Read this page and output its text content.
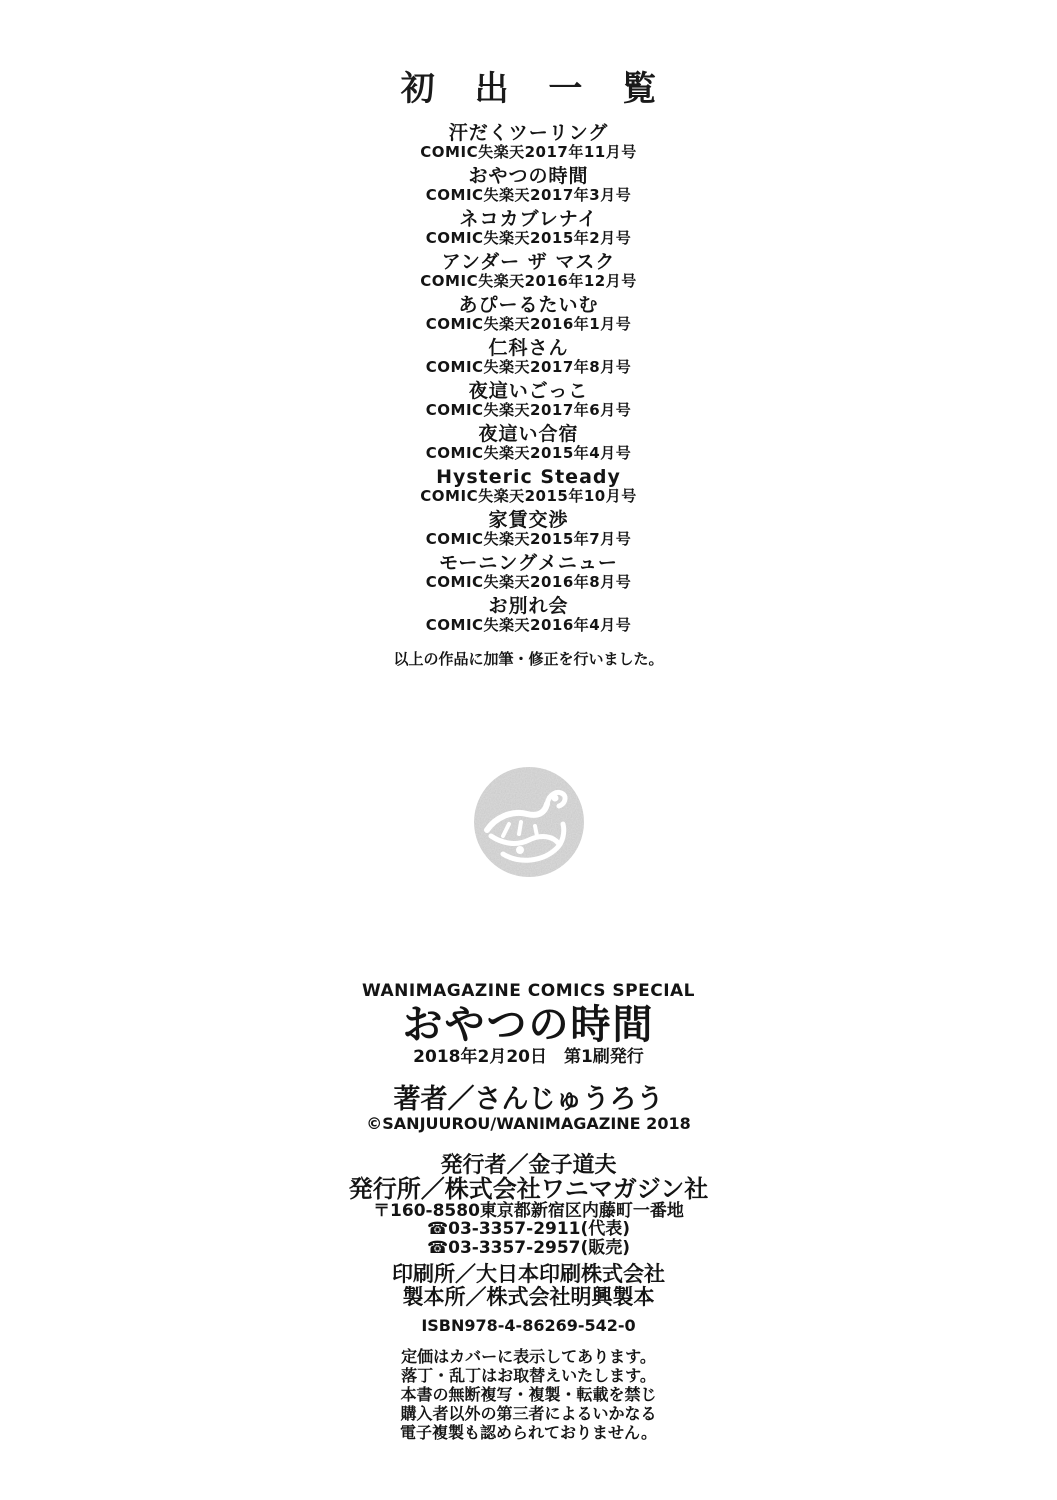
初 出 一 覧
汗だくツーリング
COMIC失楽天2017年11月号
おやつの時間
COMIC失楽天2017年3月号
ネコカブレナイ
COMIC失楽天2015年2月号
アンダー ザ マスク
COMIC失楽天2016年12月号
あぴーるたいむ
COMIC失楽天2016年1月号
仁科さん
COMIC失楽天2017年8月号
夜這いごっこ
COMIC失楽天2017年6月号
夜這い合宿
COMIC失楽天2015年4月号
Hysteric Steady
COMIC失楽天2015年10月号
家賃交渉
COMIC失楽天2015年7月号
モーニングメニュー
COMIC失楽天2016年8月号
お別れ会
COMIC失楽天2016年4月号
以上の作品に加筆・修正を行いました。
WANIMAGAZINE COMICS SPECIAL
おやつの時間
2018年2月20日　第1刷発行
著者／さんじゅうろう
©SANJUUROU/WANIMAGAZINE 2018
発行者／金子道夫
発行所／株式会社ワニマガジン社
〒160-8580東京都新宿区内藤町一番地
☎03-3357-2911(代表)
☎03-3357-2957(販売)
印刷所／大日本印刷株式会社
製本所／株式会社明興製本
ISBN978-4-86269-542-0
定価はカバーに表示してあります。
落丁・乱丁はお取替えいたします。
本書の無断複写・複製・転載を禁じ
購入者以外の第三者によるいかなる
電子複製も認められておりません。
